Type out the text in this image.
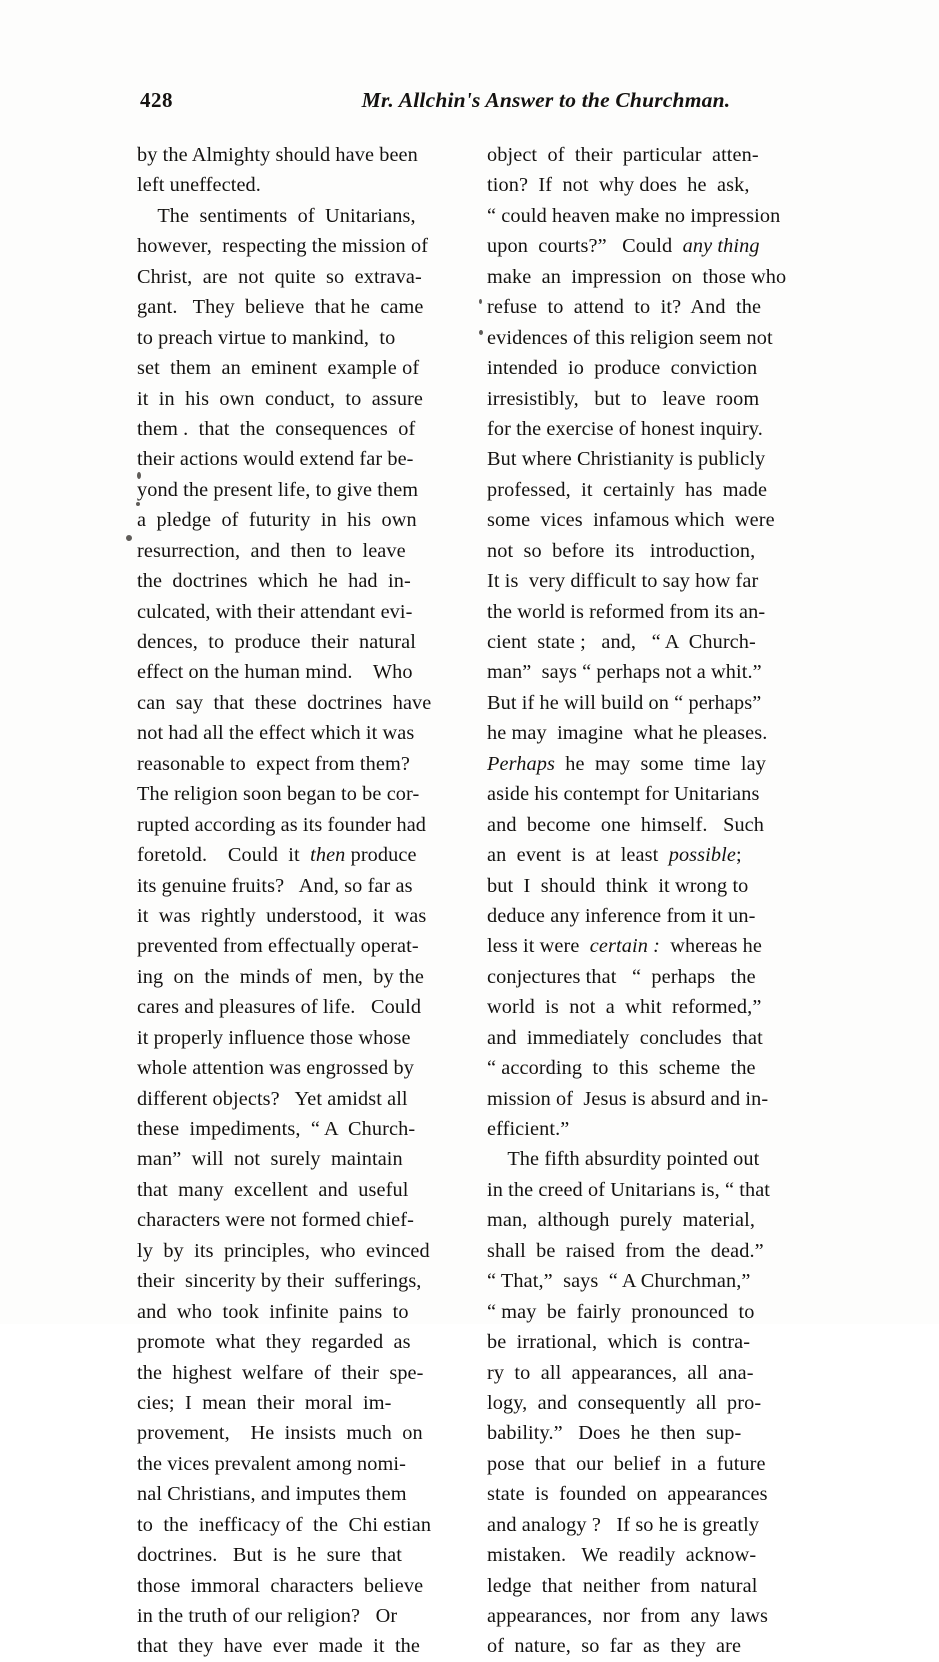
428	Mr. Allchin's Answer to the Churchman.
by the Almighty should have been
left uneffected.
The  sentiments  of  Unitarians,
however,  respecting the mission of
Christ,  are  not  quite  so  extrava-
gant.   They  believe  that he  came
to preach virtue to mankind,  to
set  them  an  eminent  example of
it  in  his  own  conduct,  to  assure
them .  that  the  consequences  of
their actions would extend far be-
yond the present life, to give them
a  pledge  of  futurity  in  his  own
resurrection,  and  then  to  leave
the  doctrines  which  he  had  in-
culcated, with their attendant evi-
dences,  to  produce  their  natural
effect on the human mind.    Who
can  say  that  these  doctrines  have
not had all the effect which it was
reasonable to  expect from them?
The religion soon began to be cor-
rupted according as its founder had
foretold.    Could  it  then produce
its genuine fruits?   And, so far as
it  was  rightly  understood,  it  was
prevented from effectually operat-
ing  on  the  minds of  men,  by the
cares and pleasures of life.   Could
it properly influence those whose
whole attention was engrossed by
different objects?   Yet amidst all
these  impediments,  “ A  Church-
man”  will  not  surely  maintain
that  many  excellent  and  useful
characters were not formed chief-
ly  by  its  principles,  who  evinced
their  sincerity by their  sufferings,
and  who  took  infinite  pains  to
promote  what  they  regarded  as
the  highest  welfare  of  their  spe-
cies;  I  mean  their  moral  im-
provement,    He  insists  much  on
the vices prevalent among nomi-
nal Christians, and imputes them
to  the  inefficacy of  the  Chi estian
doctrines.   But  is  he  sure  that
those  immoral  characters  believe
in the truth of our religion?   Or
that  they  have  ever  made  it  the
object  of  their  particular  atten-
tion?  If  not  why does  he  ask,
“ could heaven make no impression
upon  courts?”   Could  any thing
make  an  impression  on  those who
refuse  to  attend  to  it?  And  the
evidences of this religion seem not
intended  io  produce  conviction
irresistibly,   but  to   leave  room
for the exercise of honest inquiry.
But where Christianity is publicly
professed,  it  certainly  has  made
some  vices  infamous which  were
not  so  before  its   introduction,
It is  very difficult to say how far
the world is reformed from its an-
cient  state ;   and,   “ A  Church-
man”  says “ perhaps not a whit.”
But if he will build on “ perhaps”
he may  imagine  what he pleases.
Perhaps  he  may  some  time  lay
aside his contempt for Unitarians
and  become  one  himself.   Such
an  event  is  at  least  possible;
but  I  should  think  it wrong to
deduce any inference from it un-
less it were  certain :  whereas he
conjectures that   “  perhaps   the
world  is  not  a  whit  reformed,”
and  immediately  concludes  that
“ according  to  this  scheme  the
mission of  Jesus is absurd and in-
efficient.”
The fifth absurdity pointed out
in the creed of Unitarians is, “ that
man,  although  purely  material,
shall  be  raised  from  the  dead.”
“ That,”  says  “ A Churchman,”
“ may  be  fairly  pronounced  to
be  irrational,  which  is  contra-
ry  to  all  appearances,  all  ana-
logy,  and  consequently  all  pro-
bability.”   Does  he  then  sup-
pose  that  our  belief  in  a  future
state  is  founded  on  appearances
and analogy ?   If so he is greatly
mistaken.   We  readily  acknow-
ledge  that  neither  from  natural
appearances,  nor  from  any  laws
of  nature,  so  far  as  they  are
